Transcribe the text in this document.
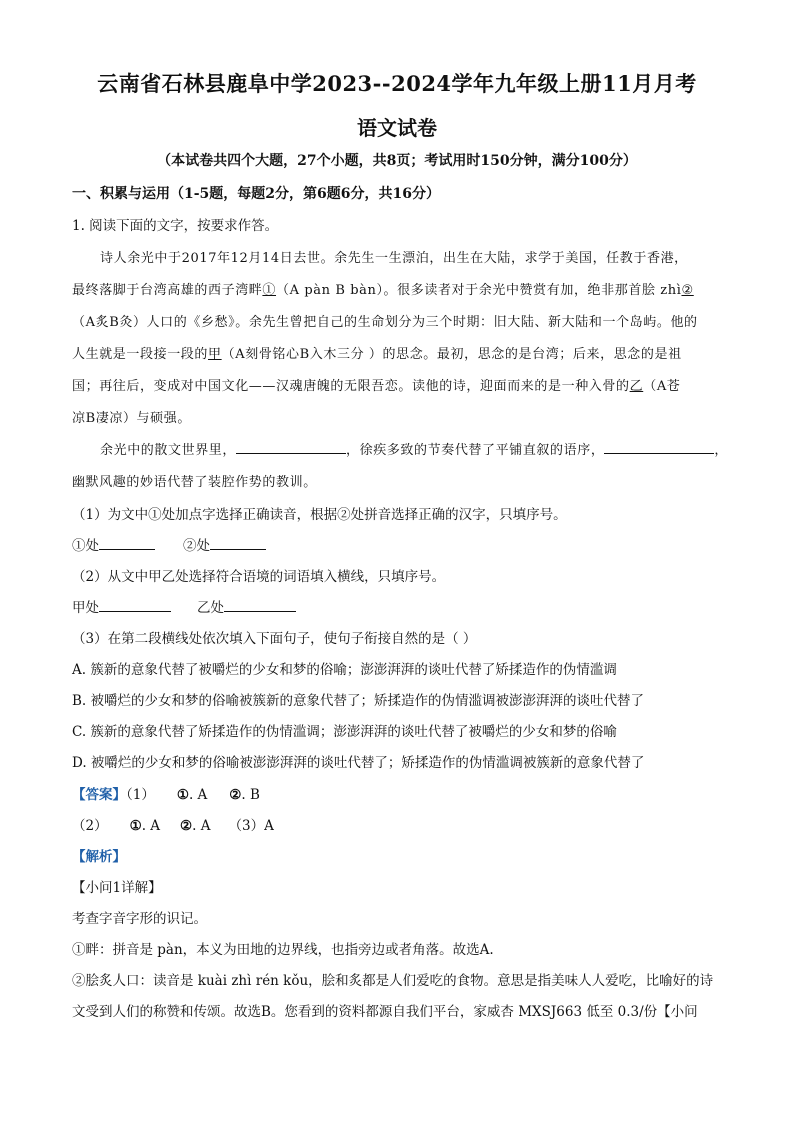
云南省石林县鹿阜中学2023--2024学年九年级上册11月月考
语文试卷
（本试卷共四个大题，27个小题，共8页；考试用时150分钟，满分100分）
一、积累与运用（1-5题，每题2分，第6题6分，共16分）
1. 阅读下面的文字，按要求作答。
诗人余光中于2017年12月14日去世。余先生一生漂泊，出生在大陆，求学于美国，任教于香港，
最终落脚于台湾高雄的西子湾畔①（A pàn B bàn）。很多读者对于余光中赞赏有加，绝非那首脍 zhì②
（A炙B灸）人口的《乡愁》。余先生曾把自己的生命划分为三个时期：旧大陆、新大陆和一个岛屿。他的
人生就是一段接一段的甲（A刻骨铭心B入木三分 ）的思念。最初，思念的是台湾；后来，思念的是祖
国；再往后，变成对中国文化——汉魂唐魄的无限吾恋。读他的诗，迎面而来的是一种入骨的乙（A苍
凉B凄凉）与硕强。
余光中的散文世界里，	，徐疾多致的节奏代替了平铺直叙的语序，	，
幽默风趣的妙语代替了装腔作势的教训。
（1）为文中①处加点字选择正确读音，根据②处拼音选择正确的汉字，只填序号。
①处	②处
（2）从文中甲乙处选择符合语境的词语填入横线，只填序号。
甲处	乙处
（3）在第二段横线处依次填入下面句子，使句子衔接自然的是（ ）
A. 簇新的意象代替了被嚼烂的少女和梦的俗喻；澎澎湃湃的谈吐代替了矫揉造作的伪情滥调
B. 被嚼烂的少女和梦的俗喻被簇新的意象代替了；矫揉造作的伪情滥调被澎澎湃湃的谈吐代替了
C. 簇新的意象代替了矫揉造作的伪情滥调；澎澎湃湃的谈吐代替了被嚼烂的少女和梦的俗喻
D. 被嚼烂的少女和梦的俗喻被澎澎湃湃的谈吐代替了；矫揉造作的伪情滥调被簇新的意象代替了
【答案】（1） ①. A ②. B
（2） ①. A ②. A （3）A
【解析】
【小问1详解】
考查字音字形的识记。
①畔：拼音是 pàn，本义为田地的边界线，也指旁边或者角落。故选A.
②脍炙人口：读音是 kuài zhì rén kǒu，脍和炙都是人们爱吃的食物。意思是指美味人人爱吃，比喻好的诗
文受到人们的称赞和传颂。故选B。您看到的资料都源自我们平台，家威杏 MXSJ663 低至 0.3/份【小问
